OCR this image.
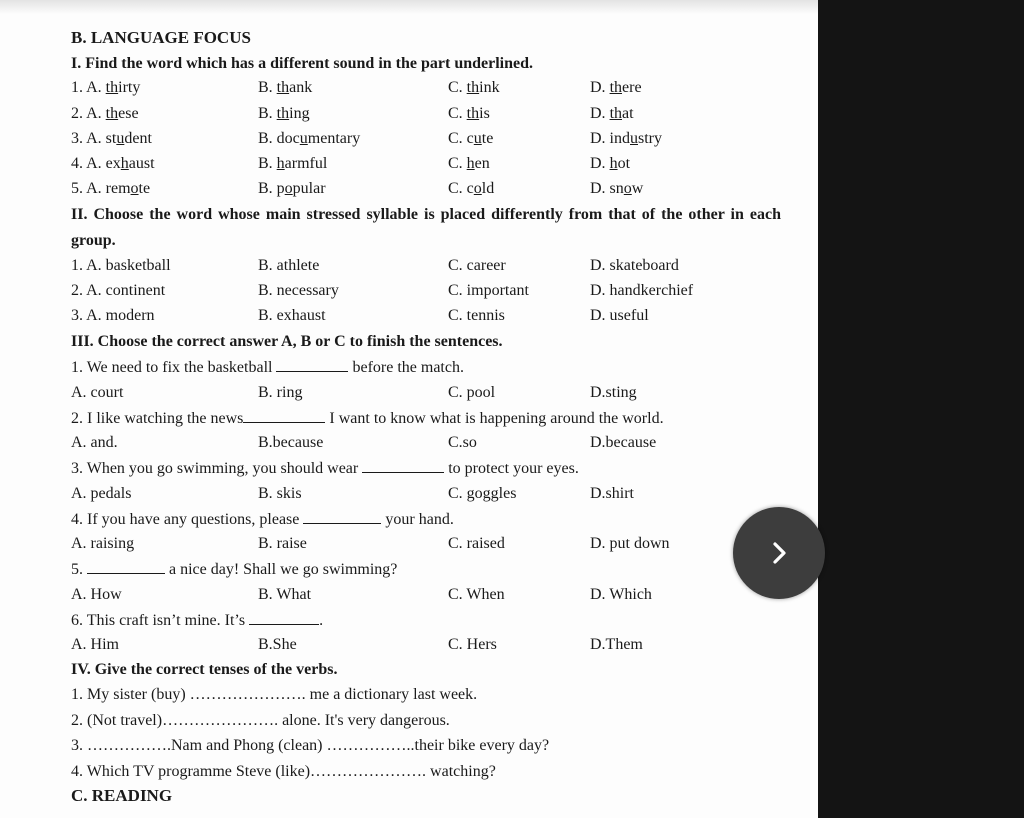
B. LANGUAGE FOCUS
I. Find the word which has a different sound in the part underlined.
II. Choose the word whose main stressed syllable is placed differently from that of the other in each group.
III. Choose the correct answer A, B or C to finish the sentences.
1. We need to fix the basketball	before the match.
2. I like watching the news	I want to know what is happening around the world.
3. When you go swimming, you should wear	to protect your eyes.
4. If you have any questions, please	your hand.
5.	a nice day! Shall we go swimming?
6. This craft isn’t mine. It’s	.
IV. Give the correct tenses of the verbs.
1. My sister (buy) …………………. me a dictionary last week.
2. (Not travel)…………………. alone. It's very dangerous.
3. …………….Nam and Phong (clean) ……………..their bike every day?
4. Which TV programme Steve (like)…………………. watching?
C. READING
1. A. thirty	B. thank	C. think	D. there
2. A. these	B. thing	C. this	D. that
3. A. student	B. documentary	C. cute	D. industry
4. A. exhaust	B. harmful	C. hen	D. hot
5. A. remote	B. popular	C. cold	D. snow
1. A. basketball	B. athlete	C. career	D. skateboard
2. A. continent	B. necessary	C. important	D. handkerchief
3. A. modern	B. exhaust	C. tennis	D. useful
A. court	B. ring	C. pool	D.sting
A. and.	B.because	C.so	D.because
A. pedals	B. skis	C. goggles	D.shirt
A. raising	B. raise	C. raised	D. put down
A. How	B. What	C. When	D. Which
A. Him	B.She	C. Hers	D.Them
